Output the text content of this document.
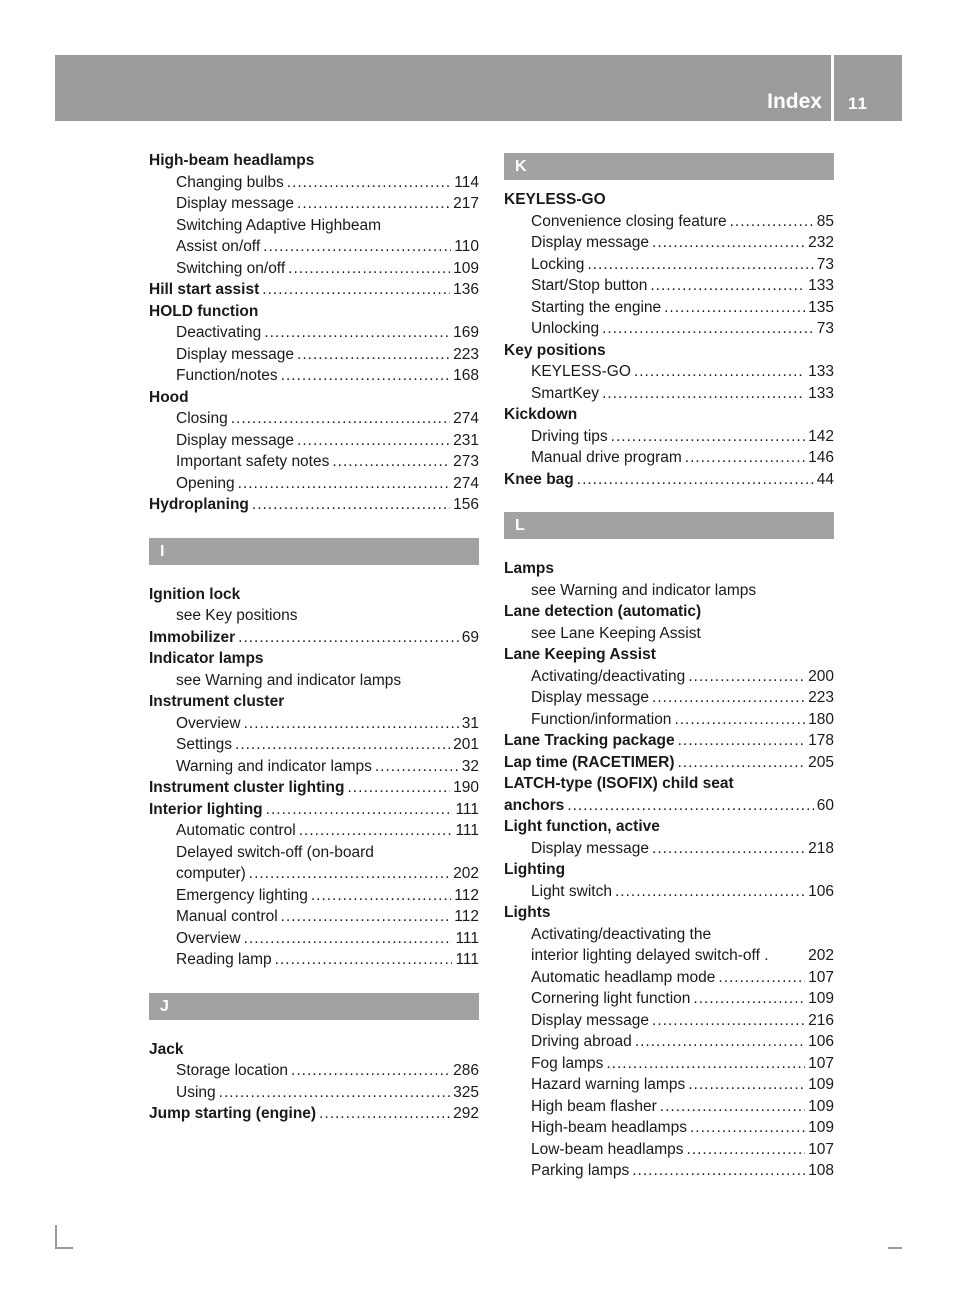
Index 11
High-beam headlamps
Changing bulbs .....	114
Display message .....	217
Switching Adaptive Highbeam
Assist on/off .....	110
Switching on/off .....	109
Hill start assist .....	136
HOLD function
Deactivating .....	169
Display message .....	223
Function/notes .....	168
Hood
Closing .....	274
Display message .....	231
Important safety notes .....	273
Opening .....	274
Hydroplaning .....	156
I
Ignition lock
see Key positions
Immobilizer .....	69
Indicator lamps
see Warning and indicator lamps
Instrument cluster
Overview .....	31
Settings .....	201
Warning and indicator lamps .....	32
Instrument cluster lighting .....	190
Interior lighting .....	111
Automatic control .....	111
Delayed switch-off (on-board
computer) .....	202
Emergency lighting .....	112
Manual control .....	112
Overview .....	111
Reading lamp .....	111
J
Jack
Storage location .....	286
Using .....	325
Jump starting (engine) .....	292
K
KEYLESS-GO
Convenience closing feature .....	85
Display message .....	232
Locking .....	73
Start/Stop button .....	133
Starting the engine .....	135
Unlocking .....	73
Key positions
KEYLESS-GO .....	133
SmartKey .....	133
Kickdown
Driving tips .....	142
Manual drive program .....	146
Knee bag .....	44
L
Lamps
see Warning and indicator lamps
Lane detection (automatic)
see Lane Keeping Assist
Lane Keeping Assist
Activating/deactivating .....	200
Display message .....	223
Function/information .....	180
Lane Tracking package .....	178
Lap time (RACETIMER) .....	205
LATCH-type (ISOFIX) child seat
anchors .....	60
Light function, active
Display message .....	218
Lighting
Light switch .....	106
Lights
Activating/deactivating the
interior lighting delayed switch-off .	202
Automatic headlamp mode .....	107
Cornering light function .....	109
Display message .....	216
Driving abroad .....	106
Fog lamps .....	107
Hazard warning lamps .....	109
High beam flasher .....	109
High-beam headlamps .....	109
Low-beam headlamps .....	107
Parking lamps .....	108
